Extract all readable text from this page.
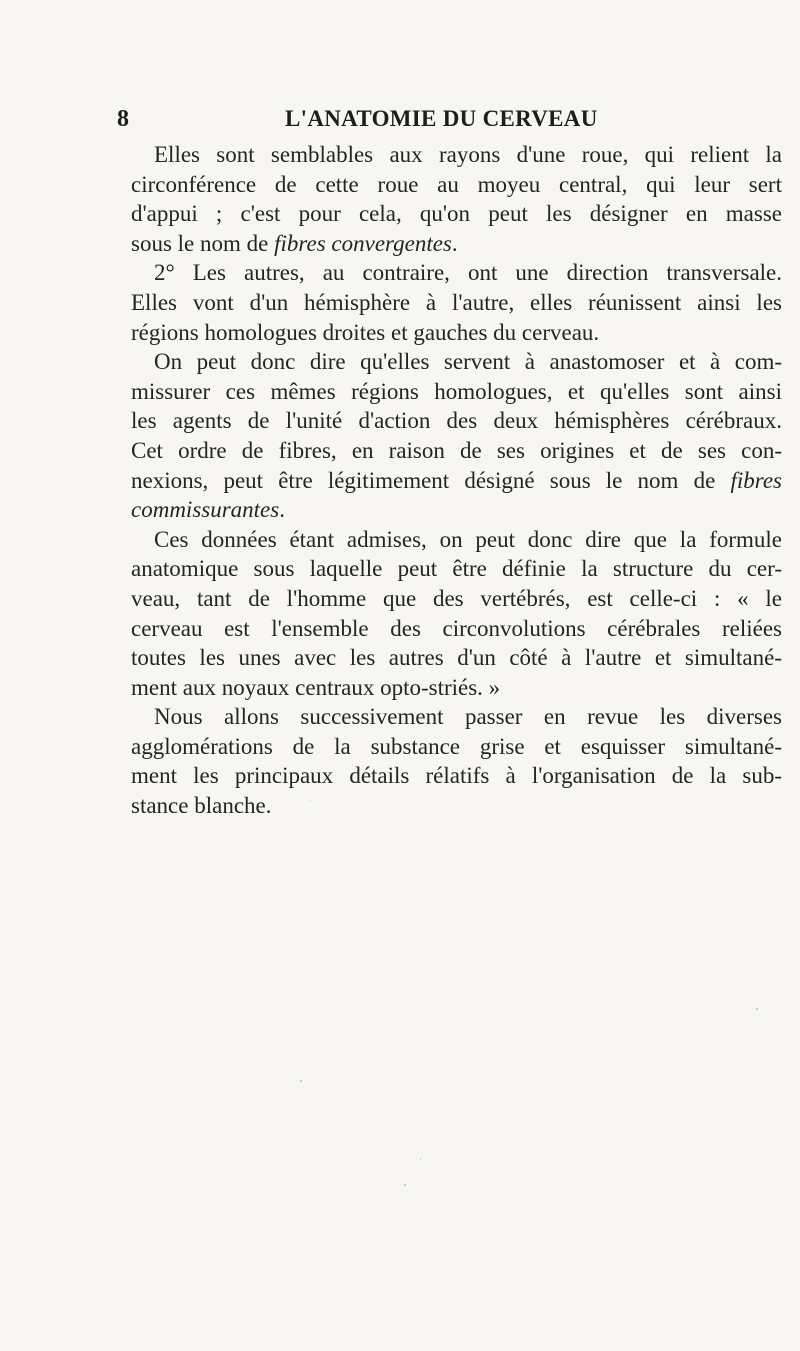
8	L'ANATOMIE DU CERVEAU
Elles sont semblables aux rayons d'une roue, qui relient la
circonférence de cette roue au moyeu central, qui leur sert
d'appui ; c'est pour cela, qu'on peut les désigner en masse
sous le nom de fibres convergentes.
2° Les autres, au contraire, ont une direction transversale.
Elles vont d'un hémisphère à l'autre, elles réunissent ainsi les
régions homologues droites et gauches du cerveau.
On peut donc dire qu'elles servent à anastomoser et à com-
missurer ces mêmes régions homologues, et qu'elles sont ainsi
les agents de l'unité d'action des deux hémisphères cérébraux.
Cet ordre de fibres, en raison de ses origines et de ses con-
nexions, peut être légitimement désigné sous le nom de fibres
commissurantes.
Ces données étant admises, on peut donc dire que la formule
anatomique sous laquelle peut être définie la structure du cer-
veau, tant de l'homme que des vertébrés, est celle-ci : « le
cerveau est l'ensemble des circonvolutions cérébrales reliées
toutes les unes avec les autres d'un côté à l'autre et simultané-
ment aux noyaux centraux opto-striés. »
Nous allons successivement passer en revue les diverses
agglomérations de la substance grise et esquisser simultané-
ment les principaux détails rélatifs à l'organisation de la sub-
stance blanche.
